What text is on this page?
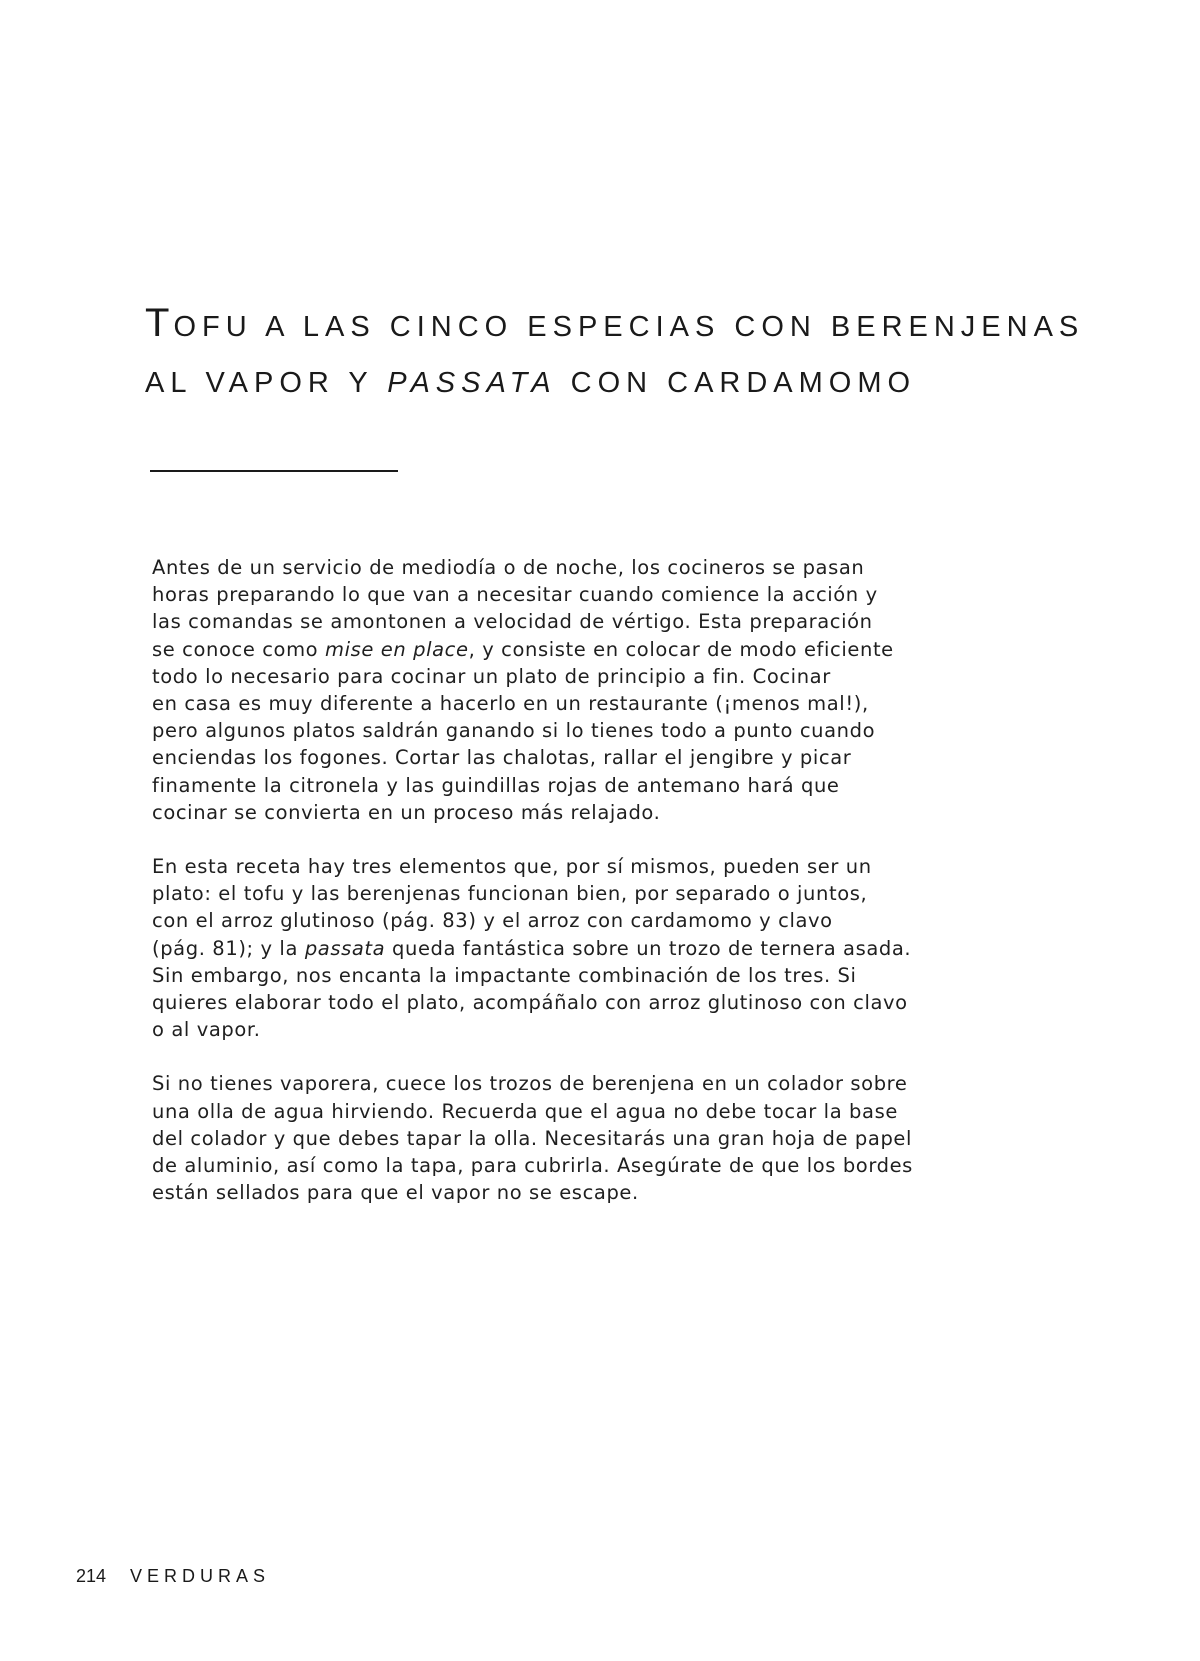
TOFU A LAS CINCO ESPECIAS CON BERENJENAS
AL VAPOR Y PASSATA CON CARDAMOMO

Antes de un servicio de mediodía o de noche, los cocineros se pasan
horas preparando lo que van a necesitar cuando comience la acción y
las comandas se amontonen a velocidad de vértigo. Esta preparación
se conoce como mise en place, y consiste en colocar de modo eficiente
todo lo necesario para cocinar un plato de principio a fin. Cocinar
en casa es muy diferente a hacerlo en un restaurante (¡menos mal!),
pero algunos platos saldrán ganando si lo tienes todo a punto cuando
enciendas los fogones. Cortar las chalotas, rallar el jengibre y picar
finamente la citronela y las guindillas rojas de antemano hará que
cocinar se convierta en un proceso más relajado.

En esta receta hay tres elementos que, por sí mismos, pueden ser un
plato: el tofu y las berenjenas funcionan bien, por separado o juntos,
con el arroz glutinoso (pág. 83) y el arroz con cardamomo y clavo
(pág. 81); y la passata queda fantástica sobre un trozo de ternera asada.
Sin embargo, nos encanta la impactante combinación de los tres. Si
quieres elaborar todo el plato, acompáñalo con arroz glutinoso con clavo
o al vapor.

Si no tienes vaporera, cuece los trozos de berenjena en un colador sobre
una olla de agua hirviendo. Recuerda que el agua no debe tocar la base
del colador y que debes tapar la olla. Necesitarás una gran hoja de papel
de aluminio, así como la tapa, para cubrirla. Asegúrate de que los bordes
están sellados para que el vapor no se escape.

214 VERDURAS
